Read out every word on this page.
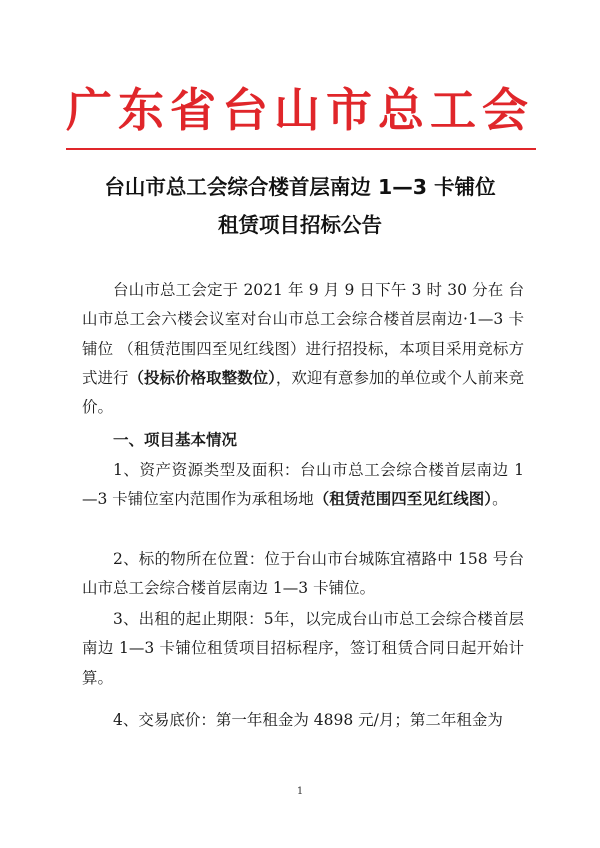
广东省台山市总工会
台山市总工会综合楼首层南边 1—3 卡铺位
租赁项目招标公告
台山市总工会定于 2021 年 9 月 9 日下午 3 时 30 分在 台山市总工会六楼会议室对台山市总工会综合楼首层南边·1—3 卡铺位 （租赁范围四至见红线图）进行招投标，本项目采用竞标方式进行（投标价格取整数位），欢迎有意参加的单位或个人前来竞价。
一、项目基本情况
1、资产资源类型及面积：台山市总工会综合楼首层南边 1—3 卡铺位室内范围作为承租场地（租赁范围四至见红线图）。
2、标的物所在位置：位于台山市台城陈宜禧路中 158 号台山市总工会综合楼首层南边 1—3 卡铺位。
3、出租的起止期限：5年，以完成台山市总工会综合楼首层南边 1—3 卡铺位租赁项目招标程序，签订租赁合同日起开始计算。
4、交易底价：第一年租金为 4898 元/月；第二年租金为
1
